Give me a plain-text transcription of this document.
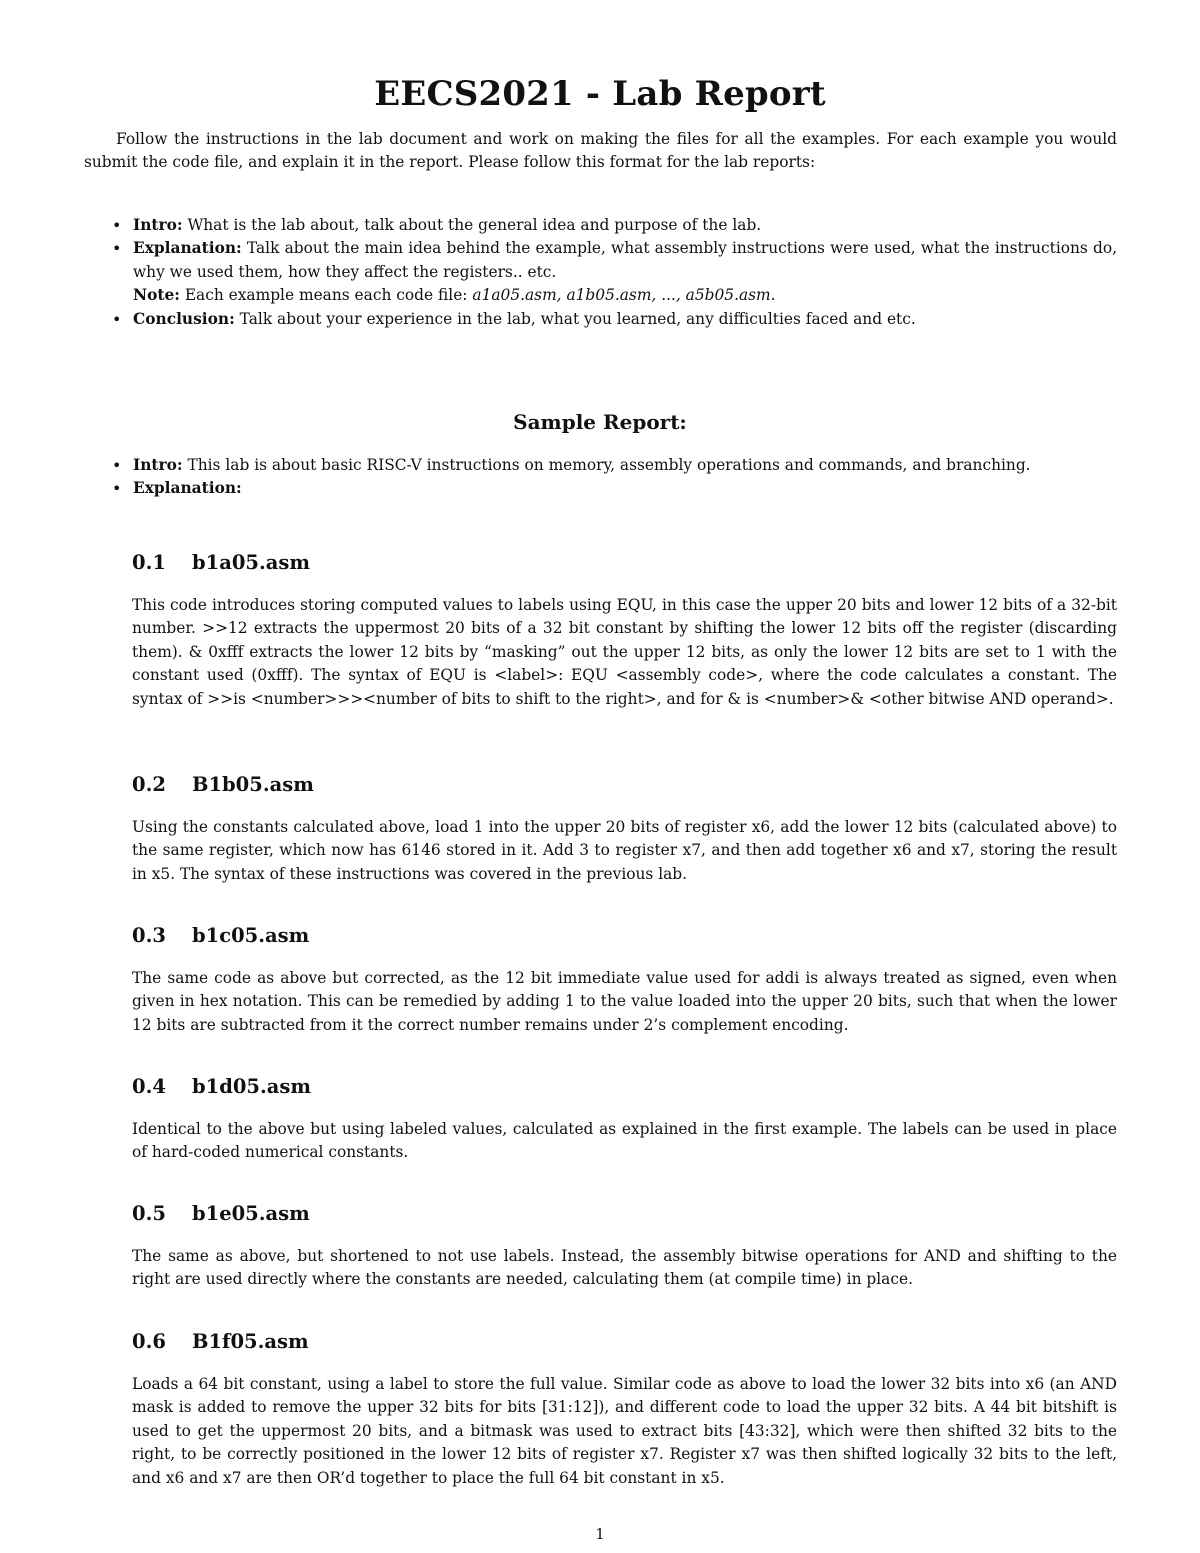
EECS2021 - Lab Report

Follow the instructions in the lab document and work on making the files for all the examples. For each example you would submit the code file, and explain it in the report. Please follow this format for the lab reports:

• Intro: What is the lab about, talk about the general idea and purpose of the lab.
• Explanation: Talk about the main idea behind the example, what assembly instructions were used, what the instructions do, why we used them, how they affect the registers.. etc.
Note: Each example means each code file: a1a05.asm, a1b05.asm, ..., a5b05.asm.
• Conclusion: Talk about your experience in the lab, what you learned, any difficulties faced and etc.
Sample Report:
• Intro: This lab is about basic RISC-V instructions on memory, assembly operations and commands, and branching.
• Explanation:
0.1 b1a05.asm

This code introduces storing computed values to labels using EQU, in this case the upper 20 bits and lower 12 bits of a 32-bit number. >>12 extracts the uppermost 20 bits of a 32 bit constant by shifting the lower 12 bits off the register (discarding them). & 0xfff extracts the lower 12 bits by “masking” out the upper 12 bits, as only the lower 12 bits are set to 1 with the constant used (0xfff). The syntax of EQU is <label>: EQU <assembly code>, where the code calculates a constant. The syntax of >>is <number>>><number of bits to shift to the right>, and for & is <number>& <other bitwise AND operand>.

0.2 B1b05.asm

Using the constants calculated above, load 1 into the upper 20 bits of register x6, add the lower 12 bits (calculated above) to the same register, which now has 6146 stored in it. Add 3 to register x7, and then add together x6 and x7, storing the result in x5. The syntax of these instructions was covered in the previous lab.

0.3 b1c05.asm

The same code as above but corrected, as the 12 bit immediate value used for addi is always treated as signed, even when given in hex notation. This can be remedied by adding 1 to the value loaded into the upper 20 bits, such that when the lower 12 bits are subtracted from it the correct number remains under 2’s complement encoding.

0.4 b1d05.asm

Identical to the above but using labeled values, calculated as explained in the first example. The labels can be used in place of hard-coded numerical constants.

0.5 b1e05.asm

The same as above, but shortened to not use labels. Instead, the assembly bitwise operations for AND and shifting to the right are used directly where the constants are needed, calculating them (at compile time) in place.

0.6 B1f05.asm

Loads a 64 bit constant, using a label to store the full value. Similar code as above to load the lower 32 bits into x6 (an AND mask is added to remove the upper 32 bits for bits [31:12]), and different code to load the upper 32 bits. A 44 bit bitshift is used to get the uppermost 20 bits, and a bitmask was used to extract bits [43:32], which were then shifted 32 bits to the right, to be correctly positioned in the lower 12 bits of register x7. Register x7 was then shifted logically 32 bits to the left, and x6 and x7 are then OR’d together to place the full 64 bit constant in x5.

1
